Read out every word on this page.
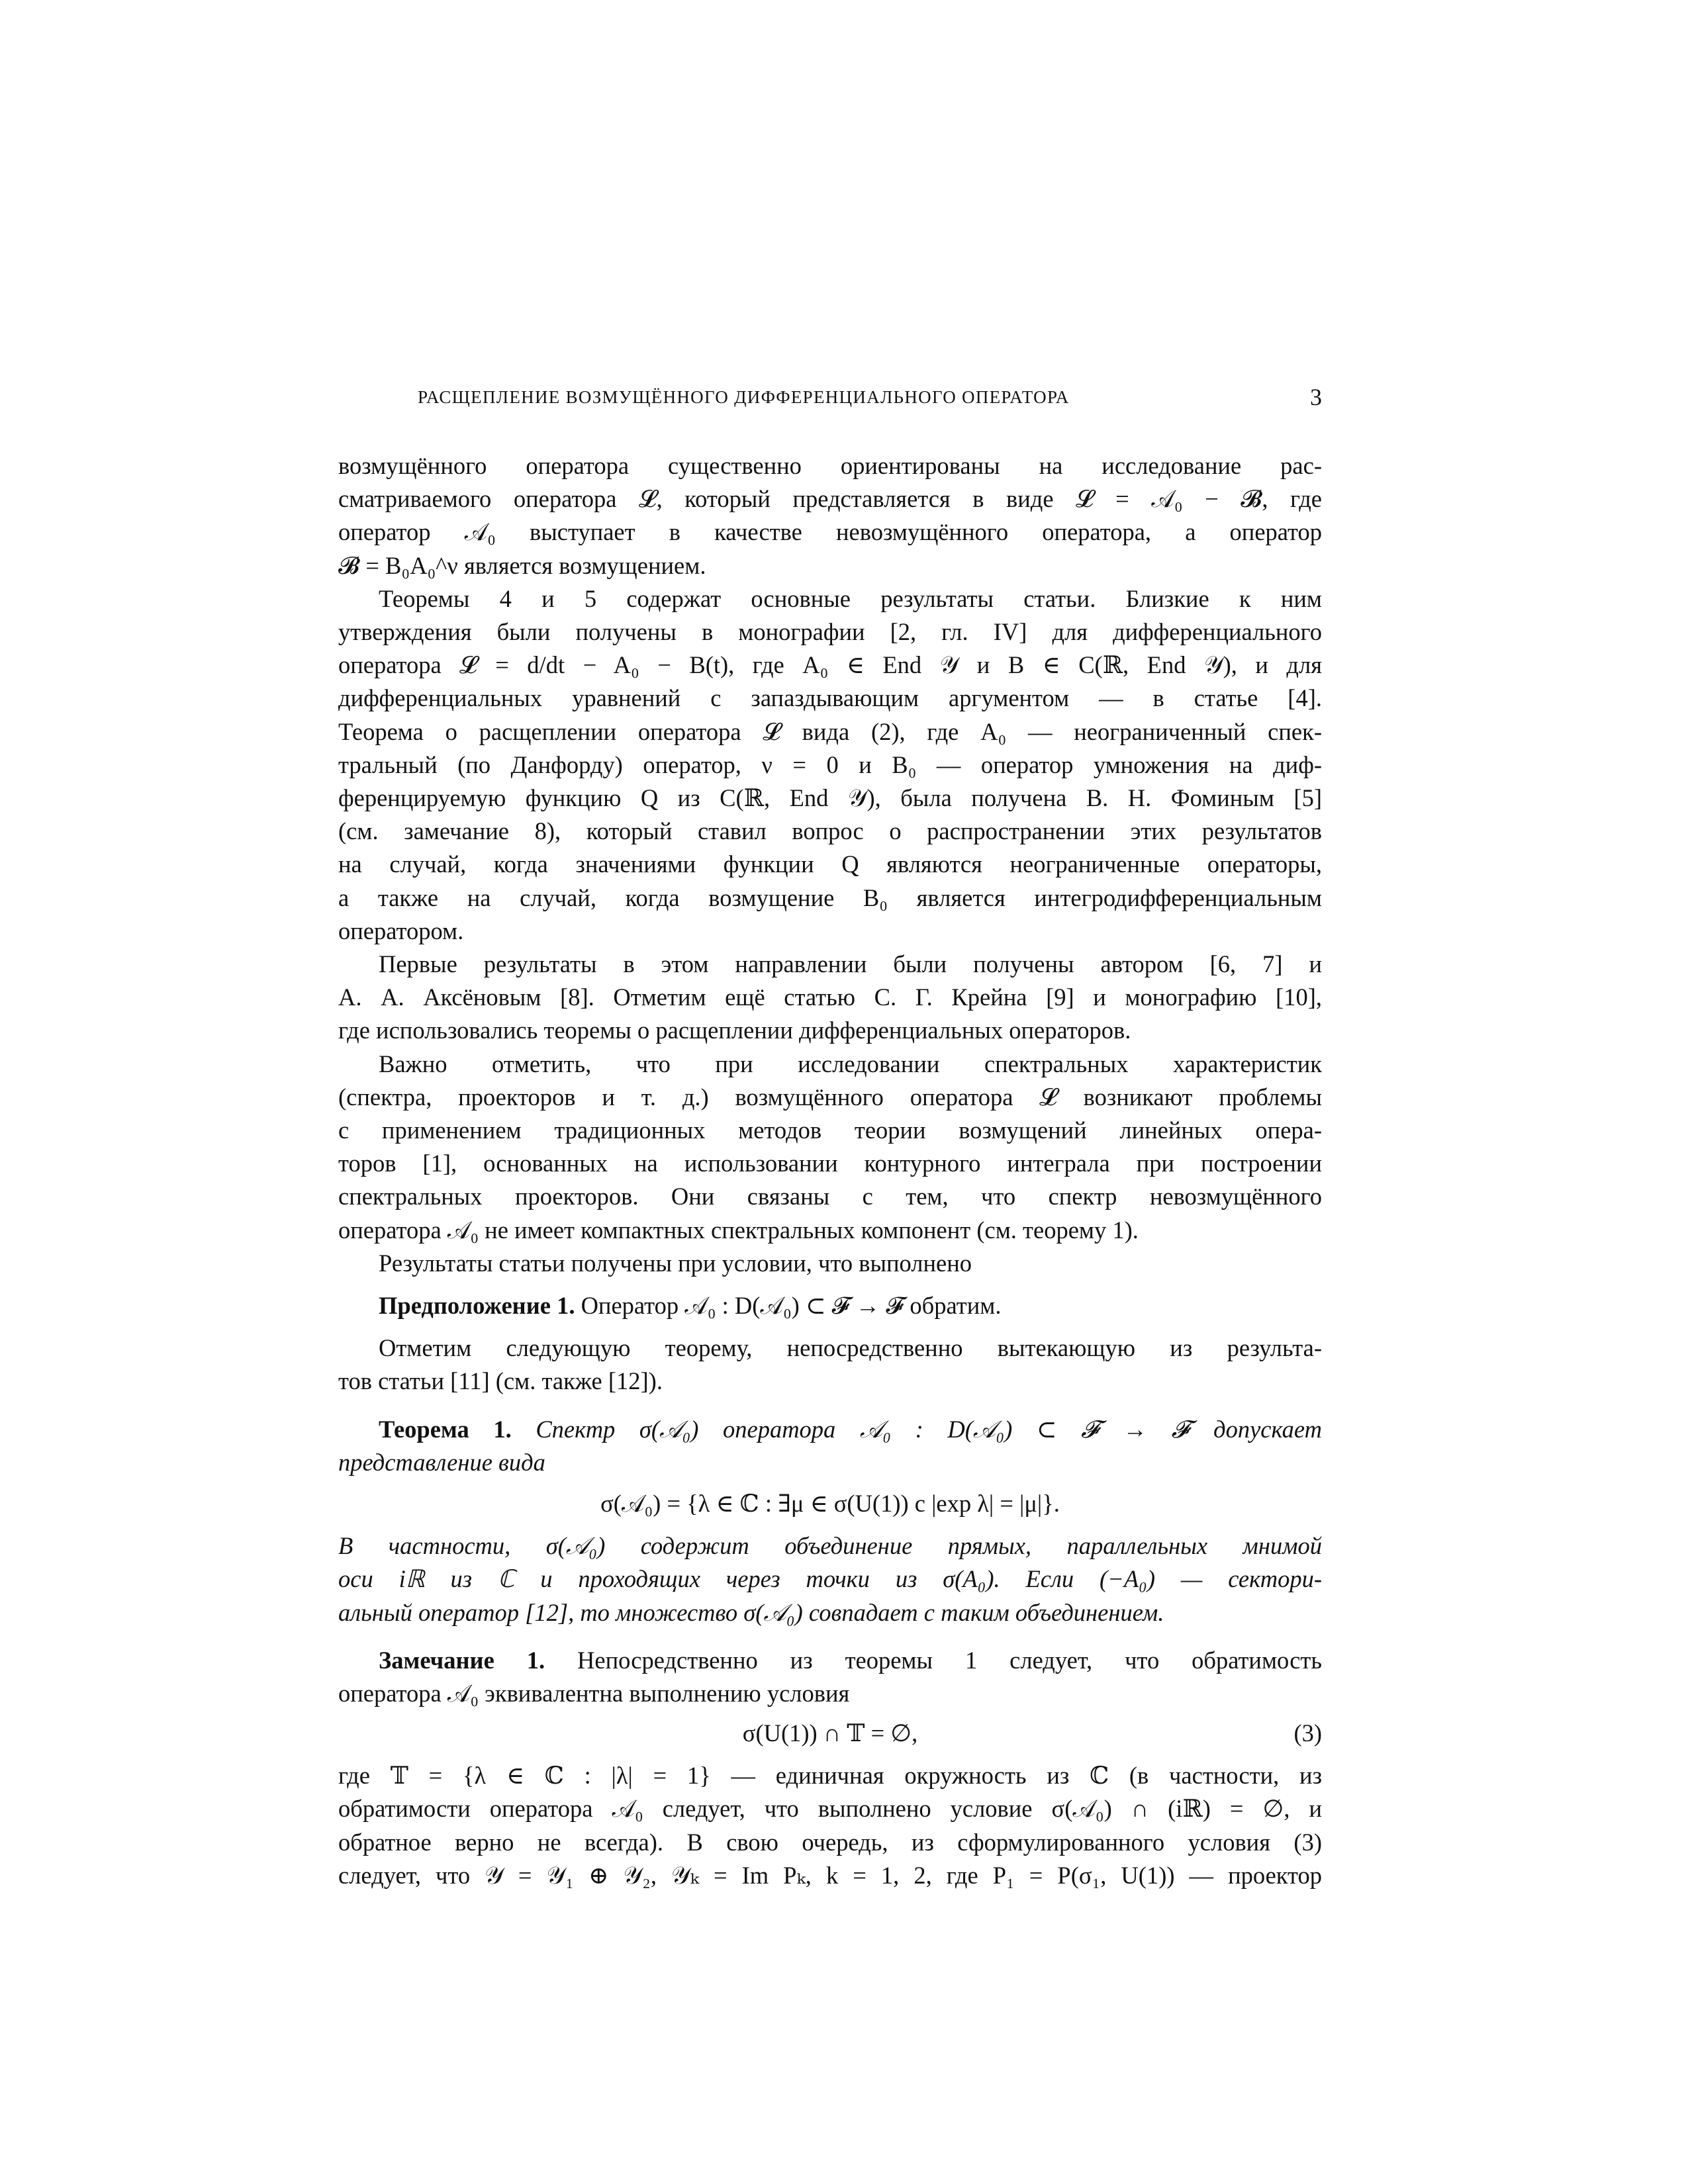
РАСЩЕПЛЕНИЕ ВОЗМУЩЁННОГО ДИФФЕРЕНЦИАЛЬНОГО ОПЕРАТОРА	3

возмущённого оператора существенно ориентированы на исследование рас-

сматриваемого оператора 𝓛, который представляется в виде 𝓛 = 𝒜₀ − 𝓑, где

оператор 𝒜₀ выступает в качестве невозмущённого оператора, а оператор

𝓑 = B₀A₀^ν является возмущением.

Теоремы 4 и 5 содержат основные результаты статьи. Близкие к ним

утверждения были получены в монографии [2, гл. IV] для дифференциального

оператора 𝓛 = d/dt − A₀ − B(t), где A₀ ∈ End 𝒴 и B ∈ C(ℝ, End 𝒴), и для

дифференциальных уравнений с запаздывающим аргументом — в статье [4].

Теорема о расщеплении оператора 𝓛 вида (2), где A₀ — неограниченный спек-

тральный (по Данфорду) оператор, ν = 0 и B₀ — оператор умножения на диф-

ференцируемую функцию Q из C(ℝ, End 𝒴), была получена В. Н. Фоминым [5]

(см. замечание 8), который ставил вопрос о распространении этих результатов

на случай, когда значениями функции Q являются неограниченные операторы,

а также на случай, когда возмущение B₀ является интегродифференциальным

оператором.

Первые результаты в этом направлении были получены автором [6, 7] и

А. А. Аксёновым [8]. Отметим ещё статью С. Г. Крейна [9] и монографию [10],

где использовались теоремы о расщеплении дифференциальных операторов.

Важно отметить, что при исследовании спектральных характеристик

(спектра, проекторов и т. д.) возмущённого оператора 𝓛 возникают проблемы

с применением традиционных методов теории возмущений линейных опера-

торов [1], основанных на использовании контурного интеграла при построении

спектральных проекторов. Они связаны с тем, что спектр невозмущённого

оператора 𝒜₀ не имеет компактных спектральных компонент (см. теорему 1).

Результаты статьи получены при условии, что выполнено

Предположение 1. Оператор 𝒜₀ : D(𝒜₀) ⊂ 𝓕 → 𝓕 обратим.

Отметим следующую теорему, непосредственно вытекающую из результа-

тов статьи [11] (см. также [12]).

Теорема 1. Спектр σ(𝒜₀) оператора 𝒜₀ : D(𝒜₀) ⊂ 𝓕 → 𝓕 допускает

представление вида

σ(𝒜₀) = {λ ∈ ℂ : ∃μ ∈ σ(U(1)) c |exp λ| = |μ|}.

В частности, σ(𝒜₀) содержит объединение прямых, параллельных мнимой

оси iℝ из ℂ и проходящих через точки из σ(A₀). Если (−A₀) — сектори-

альный оператор [12], то множество σ(𝒜₀) совпадает с таким объединением.

Замечание 1. Непосредственно из теоремы 1 следует, что обратимость

оператора 𝒜₀ эквивалентна выполнению условия

σ(U(1)) ∩ 𝕋 = ∅,	(3)

где 𝕋 = {λ ∈ ℂ : |λ| = 1} — единичная окружность из ℂ (в частности, из

обратимости оператора 𝒜₀ следует, что выполнено условие σ(𝒜₀) ∩ (iℝ) = ∅, и

обратное верно не всегда). В свою очередь, из сформулированного условия (3)

следует, что 𝒴 = 𝒴₁ ⊕ 𝒴₂, 𝒴ₖ = Im Pₖ, k = 1, 2, где P₁ = P(σ₁, U(1)) — проектор
